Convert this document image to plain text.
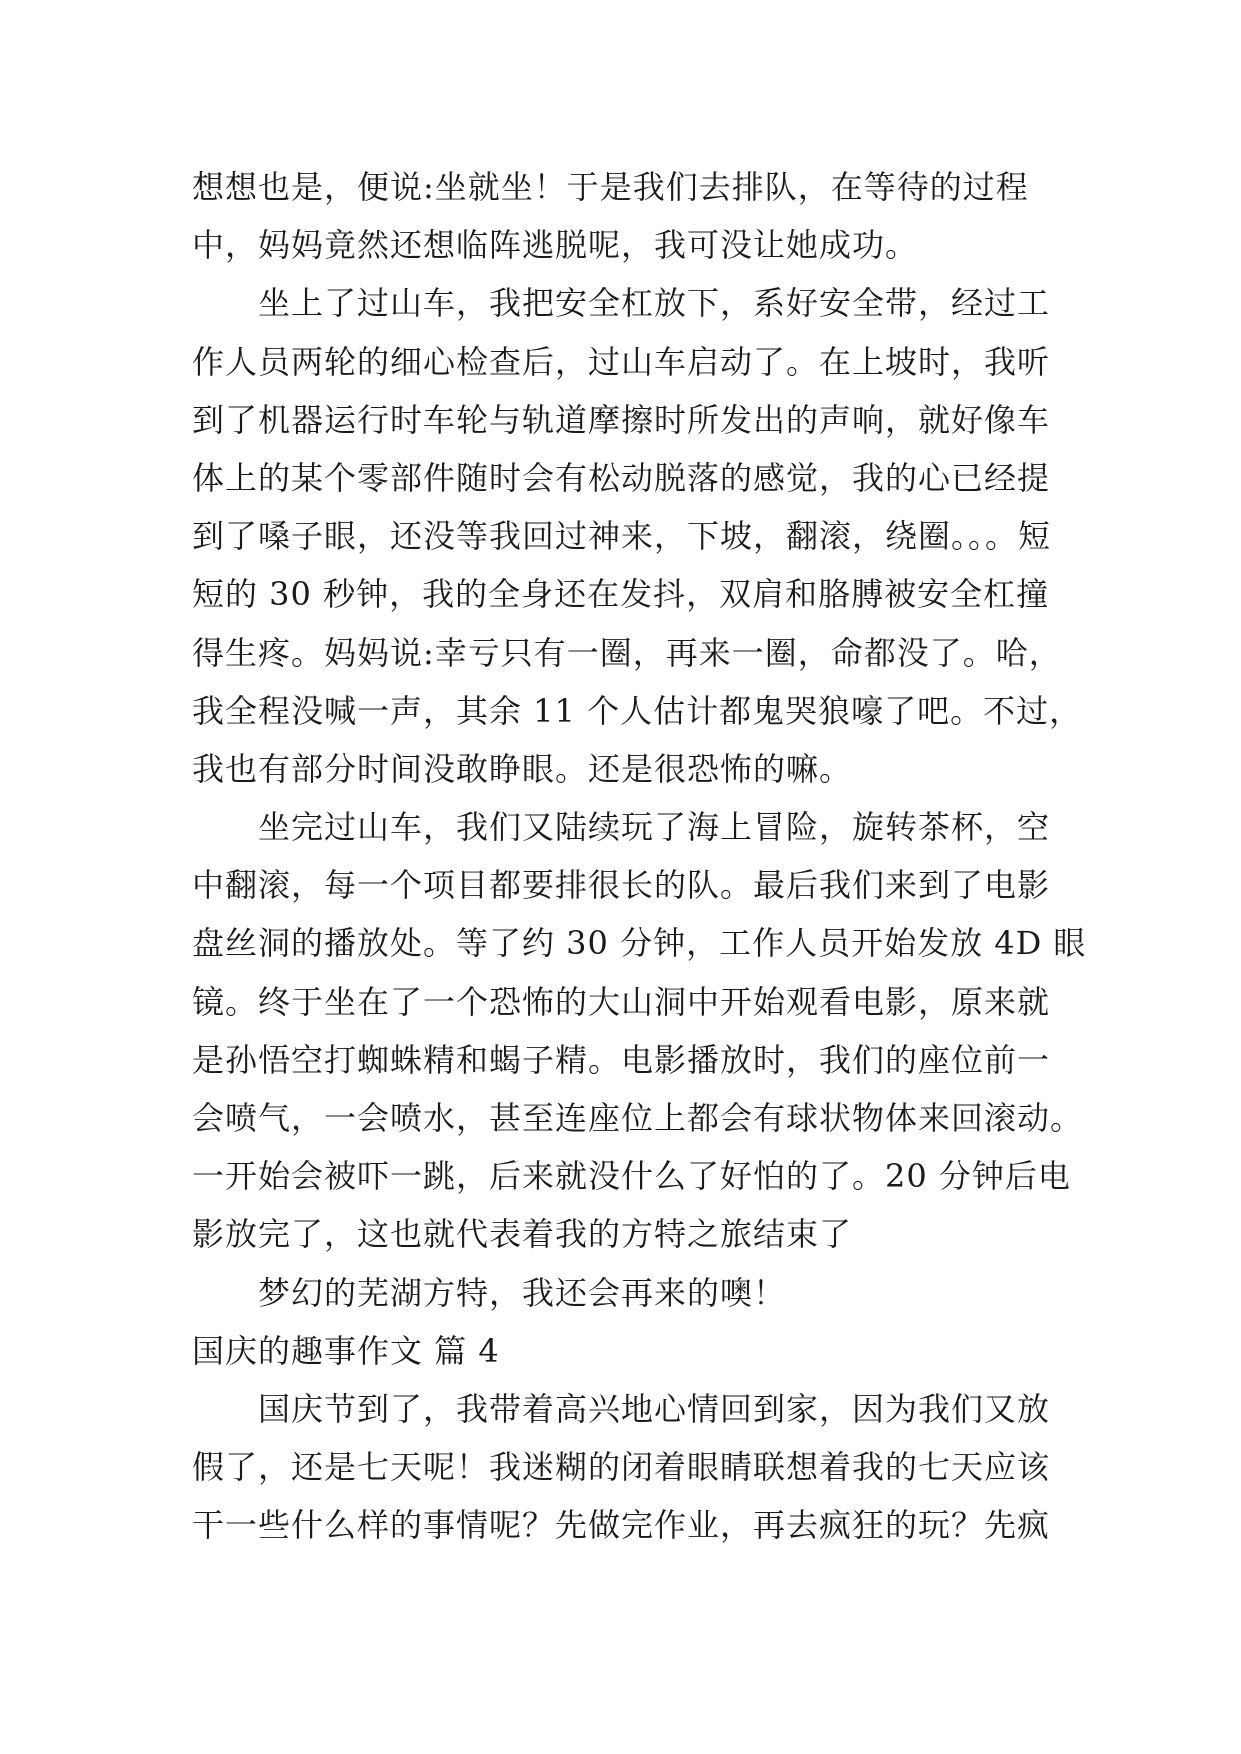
想想也是，便说:坐就坐！于是我们去排队，在等待的过程
中，妈妈竟然还想临阵逃脱呢，我可没让她成功。
坐上了过山车，我把安全杠放下，系好安全带，经过工
作人员两轮的细心检查后，过山车启动了。在上坡时，我听
到了机器运行时车轮与轨道摩擦时所发出的声响，就好像车
体上的某个零部件随时会有松动脱落的感觉，我的心已经提
到了嗓子眼，还没等我回过神来，下坡，翻滚，绕圈。。。短
短的 30 秒钟，我的全身还在发抖，双肩和胳膊被安全杠撞
得生疼。妈妈说:幸亏只有一圈，再来一圈，命都没了。哈，
我全程没喊一声，其余 11 个人估计都鬼哭狼嚎了吧。不过，
我也有部分时间没敢睁眼。还是很恐怖的嘛。
坐完过山车，我们又陆续玩了海上冒险，旋转茶杯，空
中翻滚，每一个项目都要排很长的队。最后我们来到了电影
盘丝洞的播放处。等了约 30 分钟，工作人员开始发放 4D 眼
镜。终于坐在了一个恐怖的大山洞中开始观看电影，原来就
是孙悟空打蜘蛛精和蝎子精。电影播放时，我们的座位前一
会喷气，一会喷水，甚至连座位上都会有球状物体来回滚动。
一开始会被吓一跳，后来就没什么了好怕的了。20 分钟后电
影放完了，这也就代表着我的方特之旅结束了
梦幻的芜湖方特，我还会再来的噢！
国庆的趣事作文 篇 4
国庆节到了，我带着高兴地心情回到家，因为我们又放
假了，还是七天呢！我迷糊的闭着眼睛联想着我的七天应该
干一些什么样的事情呢？先做完作业，再去疯狂的玩？先疯
